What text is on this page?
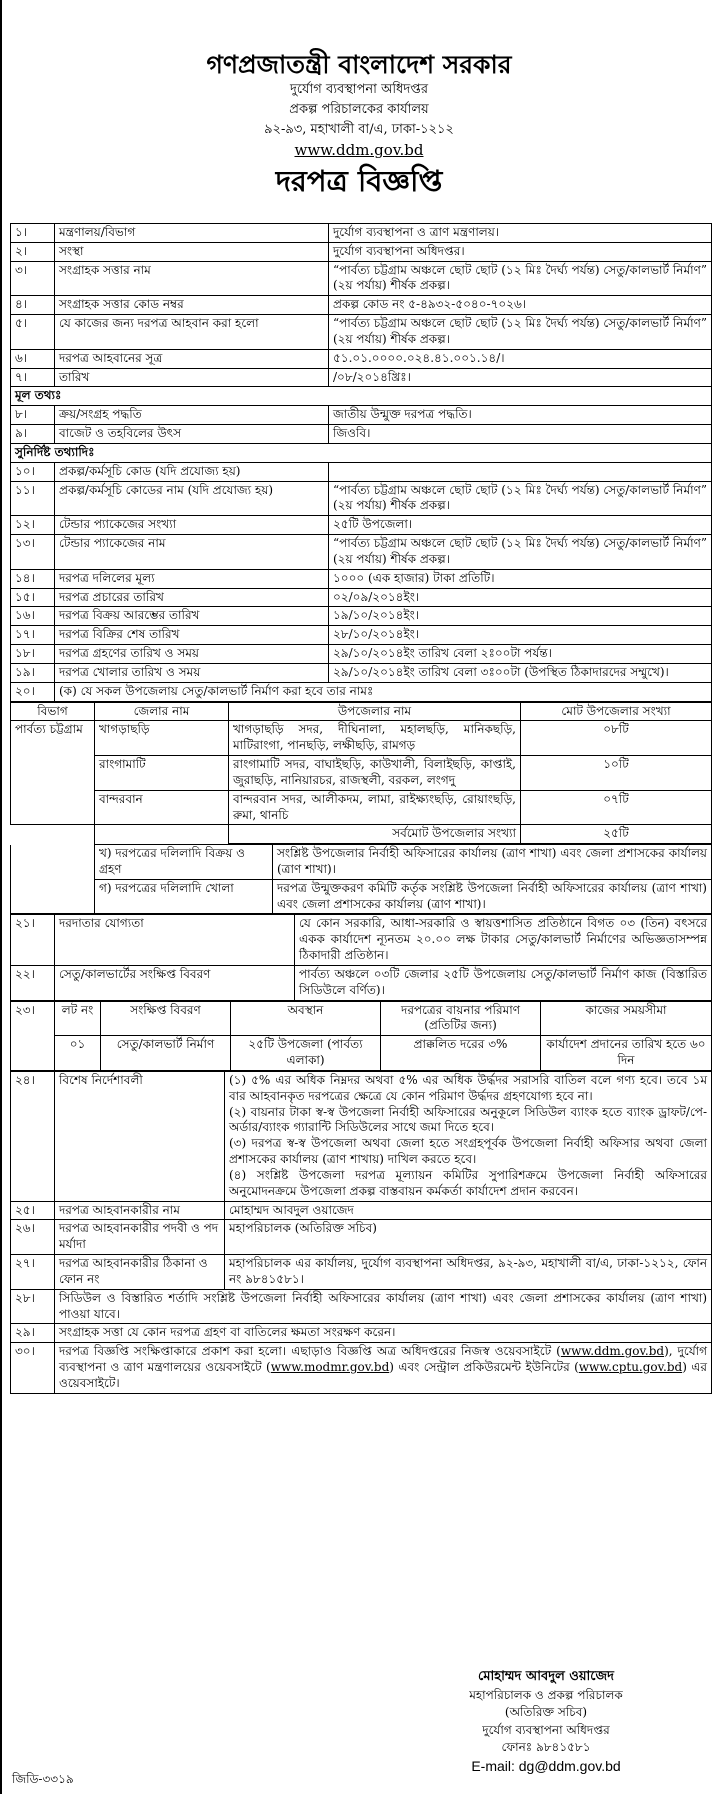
গণপ্রজাতন্ত্রী বাংলাদেশ সরকার
দুর্যোগ ব্যবস্থাপনা অধিদপ্তর
প্রকল্প পরিচালকের কার্যালয়
৯২-৯৩, মহাখালী বা/এ, ঢাকা-১২১২
www.ddm.gov.bd
দরপত্র বিজ্ঞপ্তি
১।	মন্ত্রণালয়/বিভাগ	দুর্যোগ ব্যবস্থাপনা ও ত্রাণ মন্ত্রণালয়।
২।	সংস্থা	দুর্যোগ ব্যবস্থাপনা অধিদপ্তর।
৩।	সংগ্রাহক সত্তার নাম	“পার্বত্য চট্টগ্রাম অঞ্চলে ছোট ছোট (১২ মিঃ দৈর্ঘ্য পর্যন্ত) সেতু/কালভার্ট নির্মাণ” (২য় পর্যায়) শীর্ষক প্রকল্প।
৪।	সংগ্রাহক সত্তার কোড নম্বর	প্রকল্প কোড নং ৫-৪৯৩২-৫০৪০-৭০২৬।
৫।	যে কাজের জন্য দরপত্র আহবান করা হলো	“পার্বত্য চট্টগ্রাম অঞ্চলে ছোট ছোট (১২ মিঃ দৈর্ঘ্য পর্যন্ত) সেতু/কালভার্ট নির্মাণ” (২য় পর্যায়) শীর্ষক প্রকল্প।
৬।	দরপত্র আহবানের সূত্র	৫১.০১.০০০০.০২৪.৪১.০০১.১৪/।
৭।	তারিখ	/০৮/২০১৪খ্রিঃ।
মূল তথ্যঃ
৮।	ক্রয়/সংগ্রহ পদ্ধতি	জাতীয় উন্মুক্ত দরপত্র পদ্ধতি।
৯।	বাজেট ও তহবিলের উৎস	জিওবি।
সুনির্দিষ্ট তথ্যাদিঃ
১০।	প্রকল্প/কর্মসূচি কোড (যদি প্রযোজ্য হয়)	
১১।	প্রকল্প/কর্মসূচি কোডের নাম (যদি প্রযোজ্য হয়)	“পার্বত্য চট্টগ্রাম অঞ্চলে ছোট ছোট (১২ মিঃ দৈর্ঘ্য পর্যন্ত) সেতু/কালভার্ট নির্মাণ” (২য় পর্যায়) শীর্ষক প্রকল্প।
১২।	টেন্ডার প্যাকেজের সংখ্যা	২৫টি উপজেলা।
১৩।	টেন্ডার প্যাকেজের নাম	“পার্বত্য চট্টগ্রাম অঞ্চলে ছোট ছোট (১২ মিঃ দৈর্ঘ্য পর্যন্ত) সেতু/কালভার্ট নির্মাণ” (২য় পর্যায়) শীর্ষক প্রকল্প।
১৪।	দরপত্র দলিলের মূল্য	১০০০ (এক হাজার) টাকা প্রতিটি।
১৫।	দরপত্র প্রচারের তারিখ	০২/০৯/২০১৪ইং।
১৬।	দরপত্র বিক্রয় আরম্ভের তারিখ	১৯/১০/২০১৪ইং।
১৭।	দরপত্র বিক্রির শেষ তারিখ	২৮/১০/২০১৪ইং।
১৮।	দরপত্র গ্রহণের তারিখ ও সময়	২৯/১০/২০১৪ইং তারিখ বেলা ২ঃ০০টা পর্যন্ত।
১৯।	দরপত্র খোলার তারিখ ও সময়	২৯/১০/২০১৪ইং তারিখ বেলা ৩ঃ০০টা (উপস্থিত ঠিকাদারদের সম্মুখে)।
২০।	(ক) যে সকল উপজেলায় সেতু/কালভার্ট নির্মাণ করা হবে তার নামঃ	
বিভাগ	জেলার নাম	উপজেলার নাম	মোট উপজেলার সংখ্যা
পার্বত্য চট্টগ্রাম	খাগড়াছড়ি	খাগড়াছড়ি সদর, দীঘিনালা, মহালছড়ি, মানিকছড়ি, মাটিরাংগা, পানছড়ি, লক্ষীছড়ি, রামগড়	০৮টি
	রাংগামাটি	রাংগামাটি সদর, বাঘাইছড়ি, কাউখালী, বিলাইছড়ি, কাপ্তাই, জুরাছড়ি, নানিয়ারচর, রাজস্থলী, বরকল, লংগদু	১০টি
	বান্দরবান	বান্দরবান সদর, আলীকদম, লামা, রাইক্ষ্যংছড়ি, রোয়াংছড়ি, রুমা, থানচি	০৭টি
		সর্বমোট উপজেলার সংখ্যা	২৫টি
	খ) দরপত্রের দলিলাদি বিক্রয় ও গ্রহণ	সংশ্লিষ্ট উপজেলার নির্বাহী অফিসারের কার্যালয় (ত্রাণ শাখা) এবং জেলা প্রশাসকের কার্যালয় (ত্রাণ শাখা)।
	গ) দরপত্রের দলিলাদি খোলা	দরপত্র উন্মুক্তকরণ কমিটি কর্তৃক সংশ্লিষ্ট উপজেলা নির্বাহী অফিসারের কার্যালয় (ত্রাণ শাখা) এবং জেলা প্রশাসকের কার্যালয় (ত্রাণ শাখা)।
২১।	দরদাতার যোগ্যতা	যে কোন সরকারি, আধা-সরকারি ও স্বায়ত্তশাসিত প্রতিষ্ঠানে বিগত ০৩ (তিন) বৎসরে একক কার্যাদেশ ন্যূনতম ২০.০০ লক্ষ টাকার সেতু/কালভার্ট নির্মাণের অভিজ্ঞতাসম্পন্ন ঠিকাদারী প্রতিষ্ঠান।
২২।	সেতু/কালভার্টের সংক্ষিপ্ত বিবরণ	পার্বত্য অঞ্চলে ০৩টি জেলার ২৫টি উপজেলায় সেতু/কালভার্ট নির্মাণ কাজ (বিস্তারিত সিডিউলে বর্ণিত)।
২৩।	লট নং	সংক্ষিপ্ত বিবরণ	অবস্থান	দরপত্রের বায়নার পরিমাণ (প্রতিটির জন্য)	কাজের সময়সীমা
	০১	সেতু/কালভার্ট নির্মাণ	২৫টি উপজেলা (পার্বত্য এলাকা)	প্রাক্কলিত দরের ৩%	কার্যাদেশ প্রদানের তারিখ হতে ৬০ দিন
২৪।	বিশেষ নির্দেশাবলী	(১) ৫% এর অধিক নিম্নদর অথবা ৫% এর অধিক উর্দ্ধদর সরাসরি বাতিল বলে গণ্য হবে। তবে ১ম বার আহবানকৃত দরপত্রের ক্ষেত্রে যে কোন পরিমাণ উর্দ্ধদর গ্রহণযোগ্য হবে না।
(২) বায়নার টাকা স্ব-স্ব উপজেলা নির্বাহী অফিসারের অনুকূলে সিডিউল ব্যাংক হতে ব্যাংক ড্রাফট/পে-অর্ডার/ব্যাংক গ্যারান্টি সিডিউলের সাথে জমা দিতে হবে।
(৩) দরপত্র স্ব-স্ব উপজেলা অথবা জেলা হতে সংগ্রহপূর্বক উপজেলা নির্বাহী অফিসার অথবা জেলা প্রশাসকের কার্যালয় (ত্রাণ শাখায়) দাখিল করতে হবে।
(৪) সংশ্লিষ্ট উপজেলা দরপত্র মূল্যায়ন কমিটির সুপারিশক্রমে উপজেলা নির্বাহী অফিসারের অনুমোদনক্রমে উপজেলা প্রকল্প বাস্তবায়ন কর্মকর্তা কার্যাদেশ প্রদান করবেন।

২৫।	দরপত্র আহবানকারীর নাম	মোহাম্মদ আবদুল ওয়াজেদ
২৬।	দরপত্র আহবানকারীর পদবী ও পদ মর্যাদা	মহাপরিচালক (অতিরিক্ত সচিব)
২৭।	দরপত্র আহবানকারীর ঠিকানা ও ফোন নং	মহাপরিচালক এর কার্যালয়, দুর্যোগ ব্যবস্থাপনা অধিদপ্তর, ৯২-৯৩, মহাখালী বা/এ, ঢাকা-১২১২, ফোন নং ৯৮৪১৫৮১।
২৮।	সিডিউল ও বিস্তারিত শর্তাদি সংশ্লিষ্ট উপজেলা নির্বাহী অফিসারের কার্যালয় (ত্রাণ শাখা) এবং জেলা প্রশাসকের কার্যালয় (ত্রাণ শাখা) পাওয়া যাবে।	
২৯।	সংগ্রাহক সত্তা যে কোন দরপত্র গ্রহণ বা বাতিলের ক্ষমতা সংরক্ষণ করেন।	
৩০।	দরপত্র বিজ্ঞপ্তি সংক্ষিপ্তাকারে প্রকাশ করা হলো। এছাড়াও বিজ্ঞপ্তি অত্র অধিদপ্তরের নিজস্ব ওয়েবসাইটে (www.ddm.gov.bd), দুর্যোগ ব্যবস্থাপনা ও ত্রাণ মন্ত্রণালয়ের ওয়েবসাইটে (www.modmr.gov.bd) এবং সেন্ট্রাল প্রকিউরমেন্ট ইউনিটের (www.cptu.gov.bd) এর ওয়েবসাইটে।	
মোহাম্মদ আবদুল ওয়াজেদ
মহাপরিচালক ও প্রকল্প পরিচালক
(অতিরিক্ত সচিব)
দুর্যোগ ব্যবস্থাপনা অধিদপ্তর
ফোনঃ ৯৮৪১৫৮১
E-mail: dg@ddm.gov.bd
জিডি-৩৩১৯
